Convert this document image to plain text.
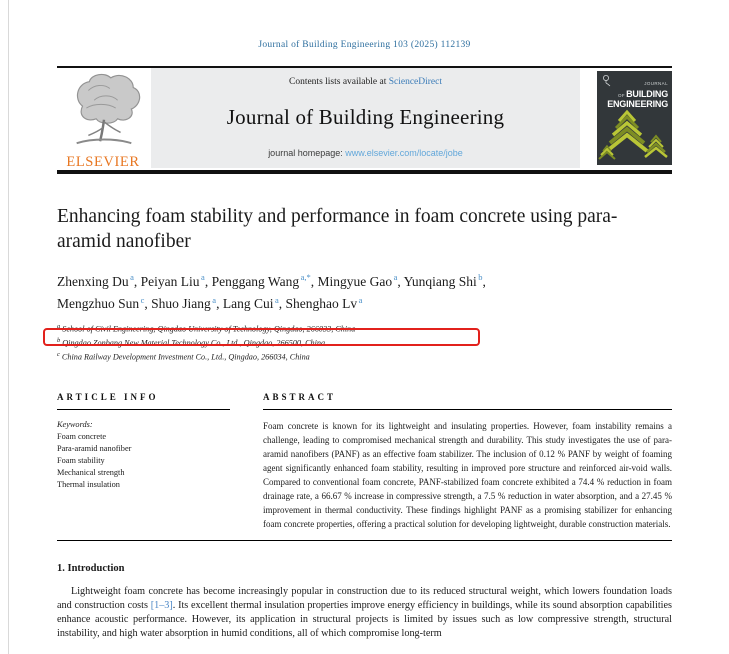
Journal of Building Engineering 103 (2025) 112139
ELSEVIER
Contents lists available at ScienceDirect
Journal of Building Engineering
journal homepage: www.elsevier.com/locate/jobe
JOURNAL OFBUILDING
ENGINEERING
Enhancing foam stability and performance in foam concrete using para-aramid nanofiber
Zhenxing Du $^a$, Peiyan Liu $^a$, Penggang Wang $^{a,*}$, Mingyue Gao $^a$, Yunqiang Shi $^b$,
Mengzhuo Sun $^c$, Shuo Jiang $^a$, Lang Cui $^a$, Shenghao Lv $^a$
$^a$ School of Civil Engineering, Qingdao University of Technology, Qingdao, 266033, China
$^b$ Qingdao Zonbang New Material Technology Co., Ltd., Qingdao, 266500, China
$^c$ China Railway Development Investment Co., Ltd., Qingdao, 266034, China
ARTICLE INFO
Keywords:
Foam concrete
Para-aramid nanofiber
Foam stability
Mechanical strength
Thermal insulation
ABSTRACT

Foam concrete is known for its lightweight and insulating properties. However, foam instability remains a challenge, leading to compromised mechanical strength and durability. This study investigates the use of para-aramid nanofibers (PANF) as an effective foam stabilizer. The inclusion of 0.12 % PANF by weight of foaming agent significantly enhanced foam stability, resulting in improved pore structure and reinforced air-void walls. Compared to conventional foam concrete, PANF-stabilized foam concrete exhibited a 74.4 % reduction in foam drainage rate, a 66.67 % increase in compressive strength, a 7.5 % reduction in water absorption, and a 27.45 % improvement in thermal conductivity. These findings highlight PANF as a promising stabilizer for enhancing foam concrete properties, offering a practical solution for developing lightweight, durable construction materials.

1. Introduction

Lightweight foam concrete has become increasingly popular in construction due to its reduced structural weight, which lowers foundation loads and construction costs [1–3]. Its excellent thermal insulation properties improve energy efficiency in buildings, while its sound absorption capabilities enhance acoustic performance. However, its application in structural projects is limited by issues such as low compressive strength, structural instability, and high water absorption in humid conditions, all of which compromise long-term
